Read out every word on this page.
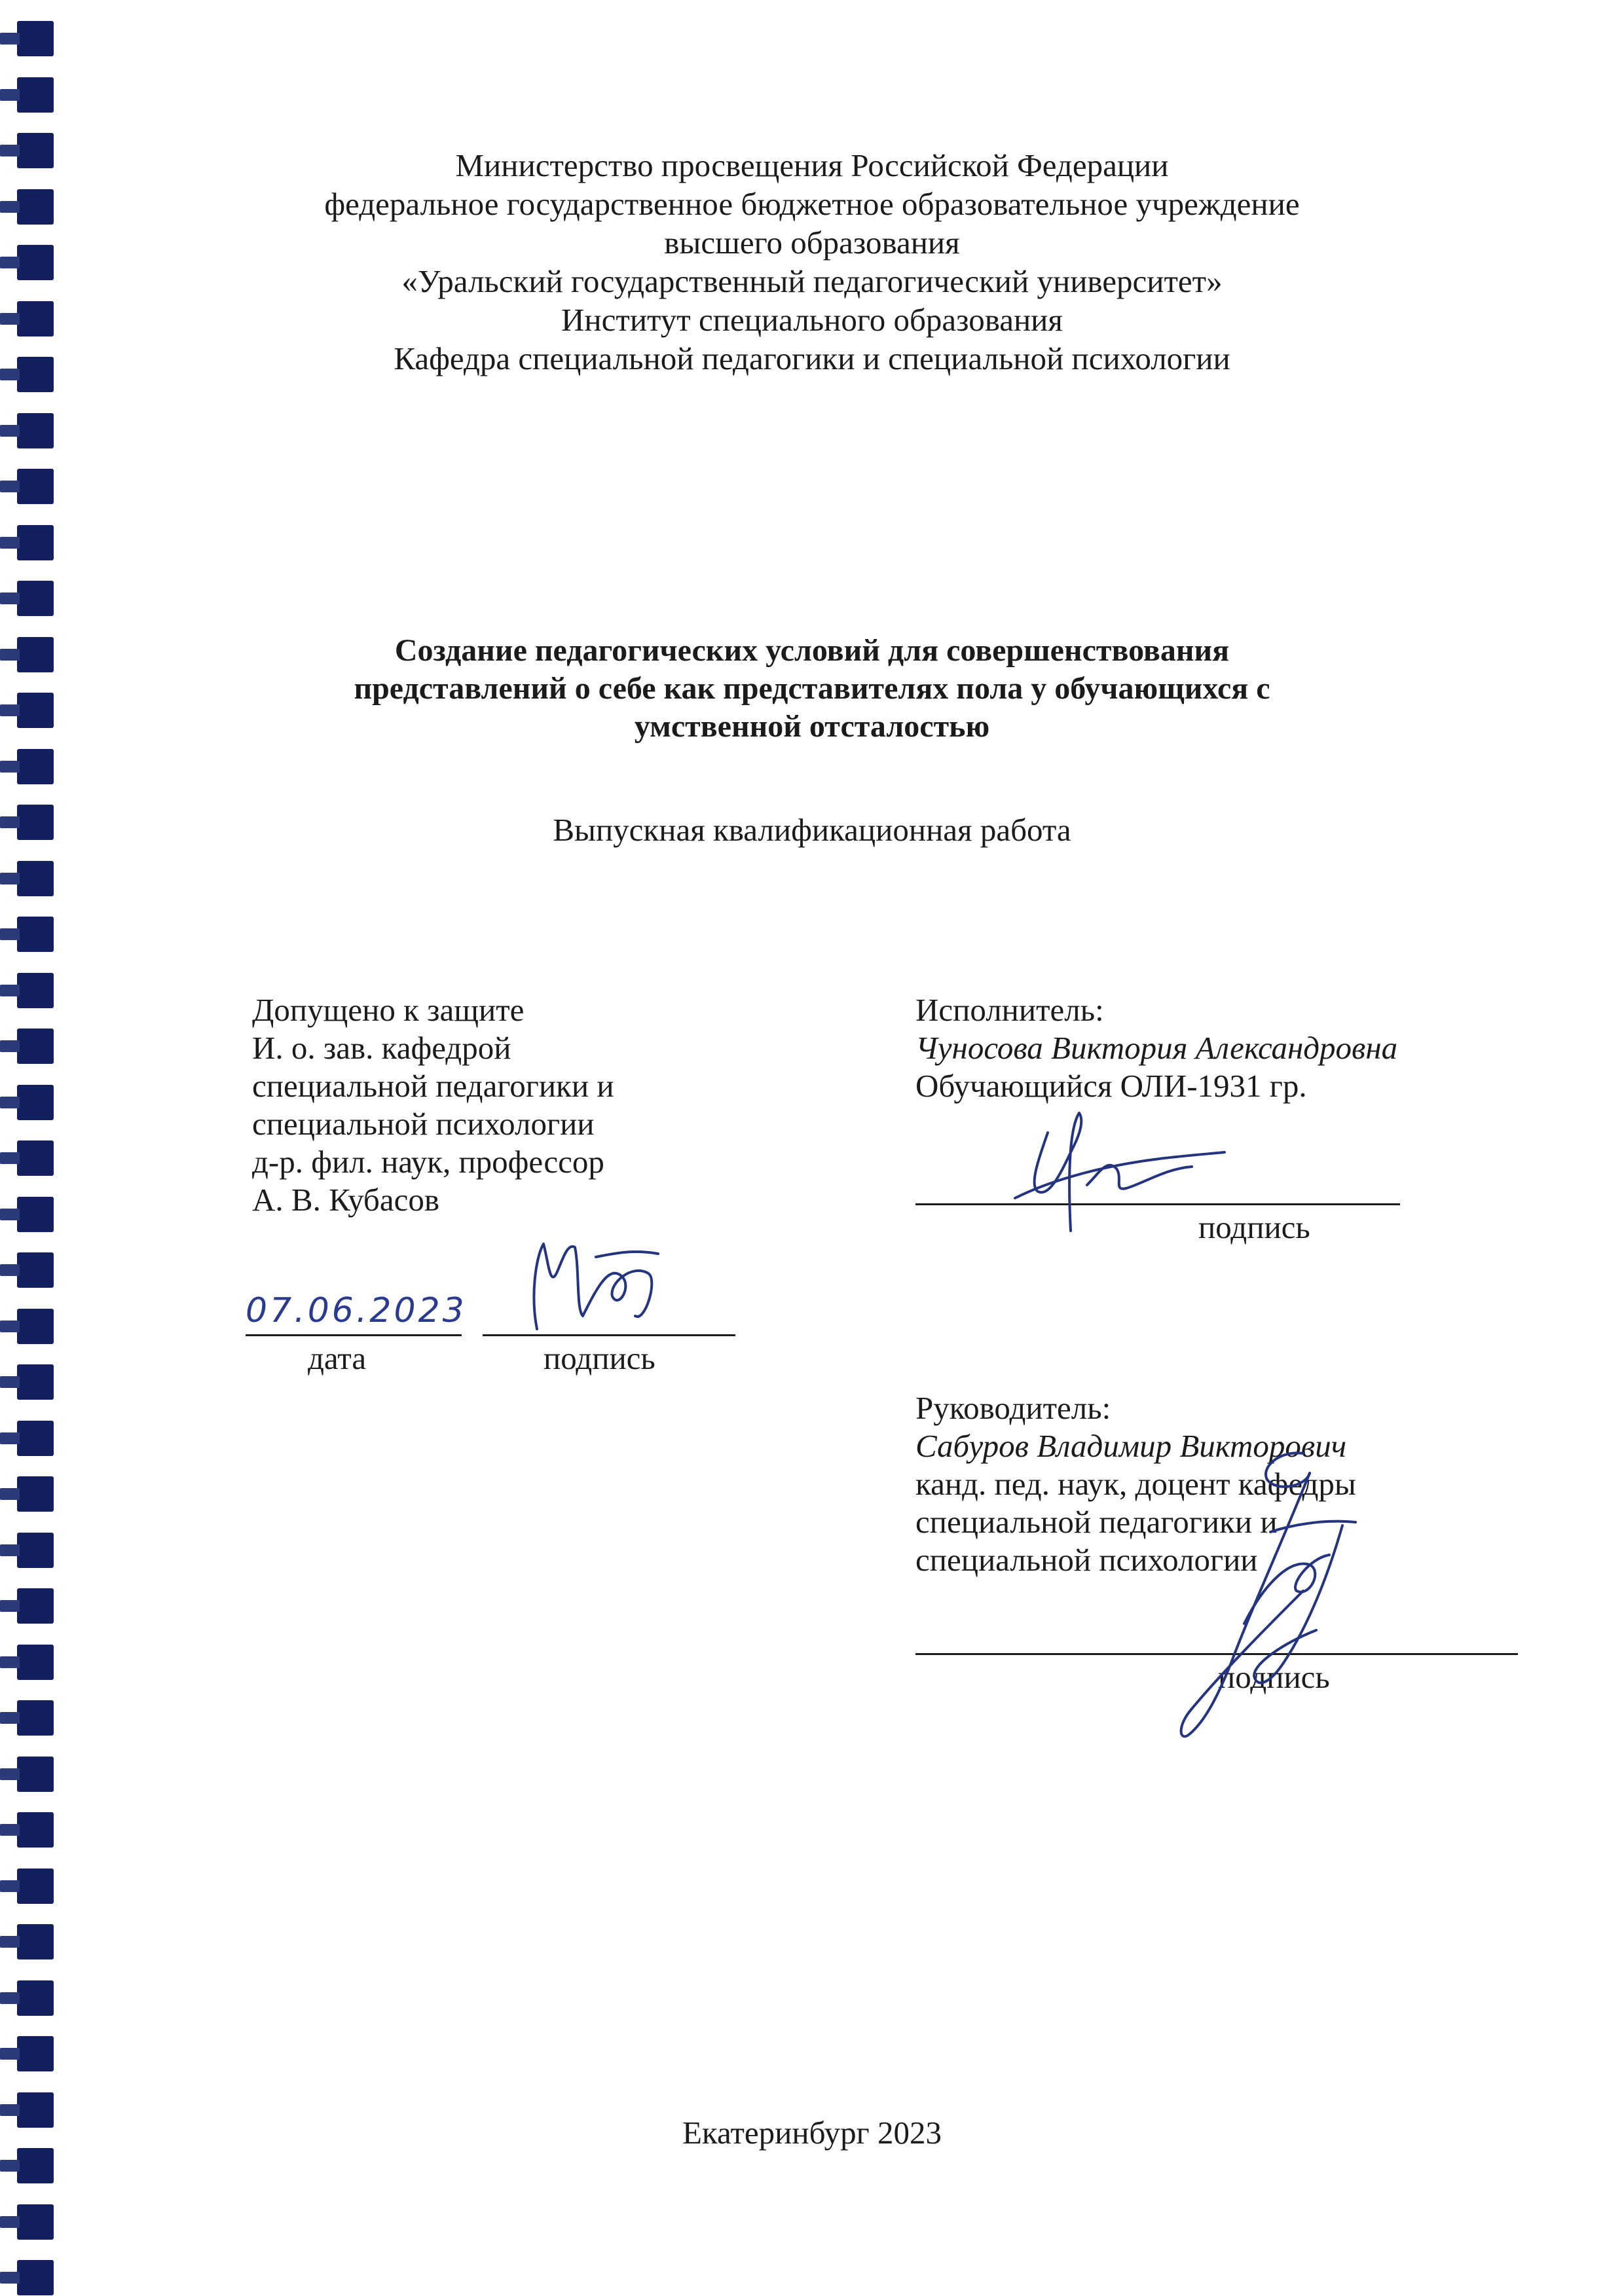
Министерство просвещения Российской Федерации
федеральное государственное бюджетное образовательное учреждение
высшего образования
«Уральский государственный педагогический университет»
Институт специального образования
Кафедра специальной педагогики и специальной психологии
Создание педагогических условий для совершенствования
представлений о себе как представителях пола у обучающихся с
умственной отсталостью
Выпускная квалификационная работа
Допущено к защите
И. о. зав. кафедрой
специальной педагогики и
специальной психологии
д-р. фил. наук, профессор
А. В. Кубасов
07.06.2023
дата	подпись
Исполнитель:
Чуносова Виктория Александровна
Обучающийся ОЛИ-1931 гр.
подпись
Руководитель:
Сабуров Владимир Викторович
канд. пед. наук, доцент кафедры
специальной педагогики и
специальной психологии
подпись
Екатеринбург 2023
